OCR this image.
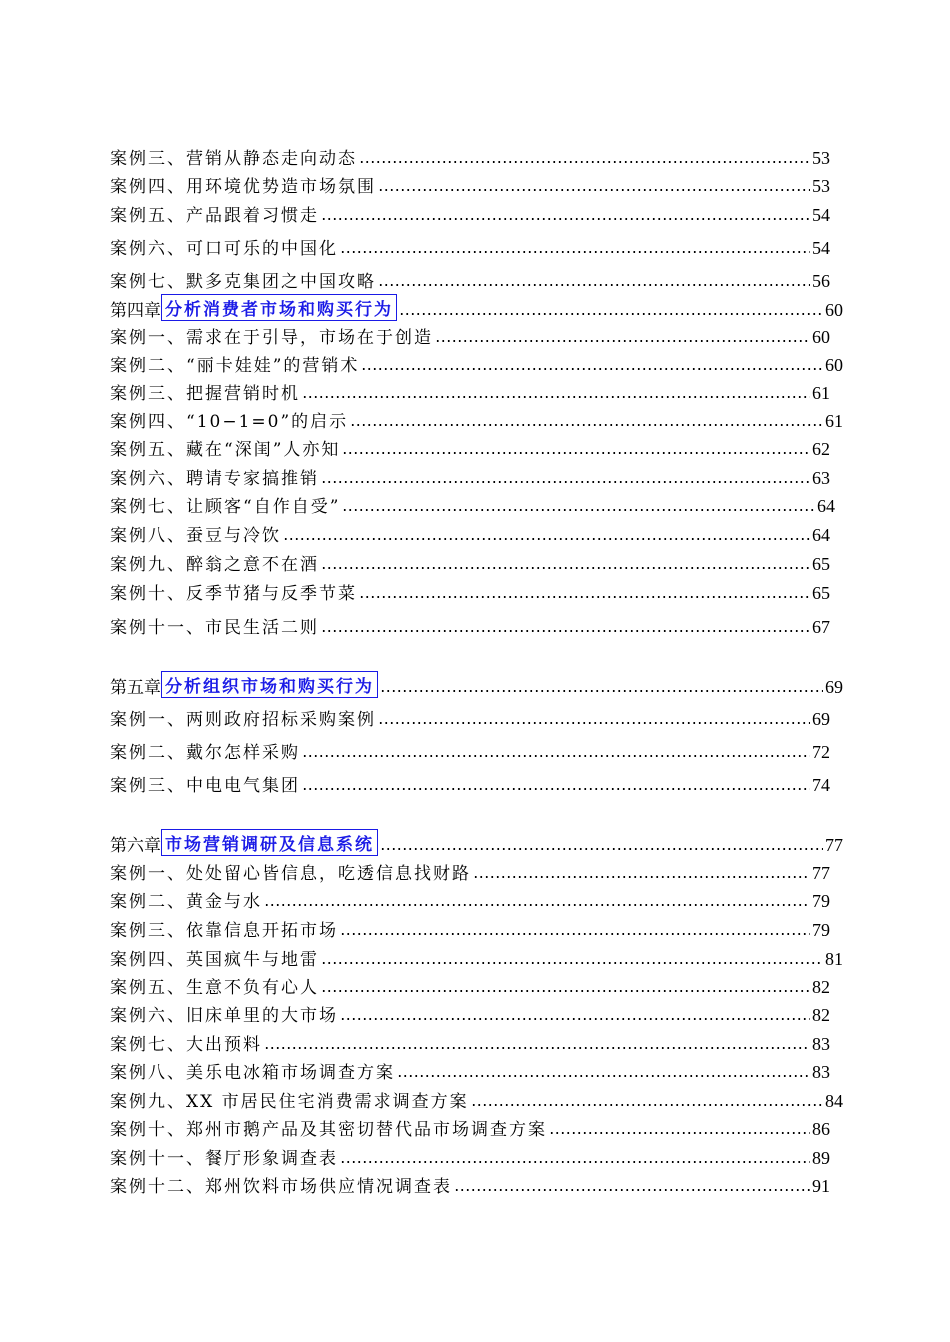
案例三、营销从静态走向动态	53
案例四、用环境优势造市场氛围	53
案例五、产品跟着习惯走	54
案例六、可口可乐的中国化	54
案例七、默多克集团之中国攻略	56
第四章 分析消费者市场和购买行为	60
案例一、需求在于引导，市场在于创造	60
案例二、“丽卡娃娃”的营销术	60
案例三、把握营销时机	61
案例四、“10−1=0”的启示	61
案例五、藏在“深闺”人亦知	62
案例六、聘请专家搞推销	63
案例七、让顾客“自作自受”	64
案例八、蚕豆与冷饮	64
案例九、醉翁之意不在酒	65
案例十、反季节猪与反季节菜	65
案例十一、市民生活二则	67
第五章 分析组织市场和购买行为	69
案例一、两则政府招标采购案例	69
案例二、戴尔怎样采购	72
案例三、中电电气集团	74
第六章 市场营销调研及信息系统	77
案例一、处处留心皆信息，吃透信息找财路	77
案例二、黄金与水	79
案例三、依靠信息开拓市场	79
案例四、英国疯牛与地雷	81
案例五、生意不负有心人	82
案例六、旧床单里的大市场	82
案例七、大出预料	83
案例八、美乐电冰箱市场调查方案	83
案例九、XX 市居民住宅消费需求调查方案	84
案例十、郑州市鹅产品及其密切替代品市场调查方案	86
案例十一、餐厅形象调查表	89
案例十二、郑州饮料市场供应情况调查表	91
